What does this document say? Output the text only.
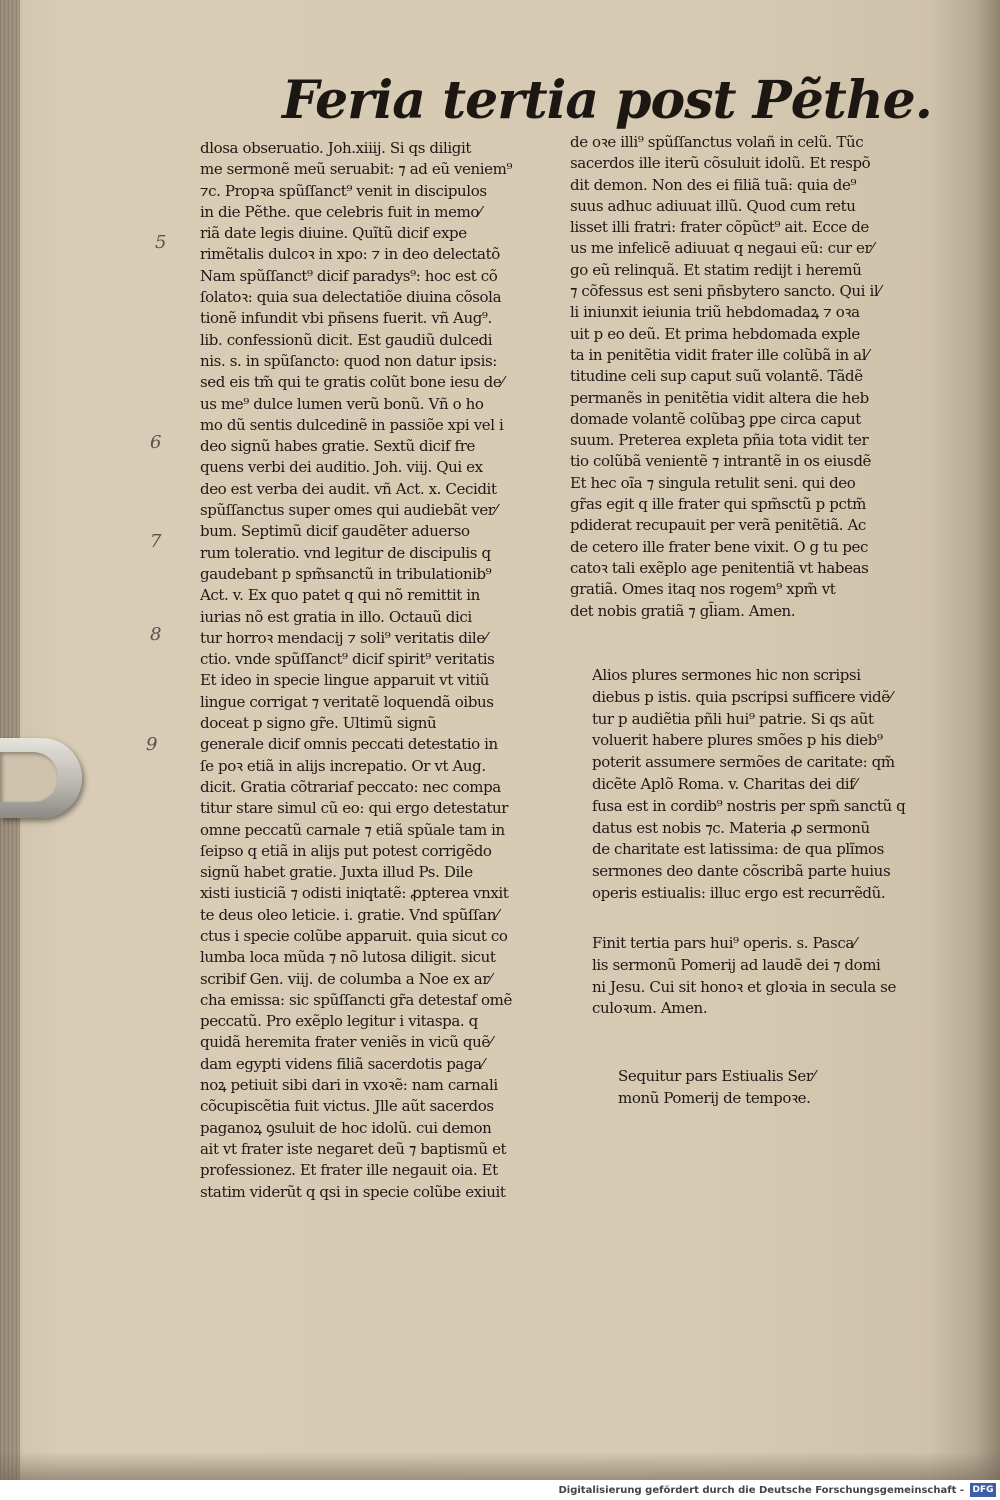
Feria tertia post Pẽthe.
5
6
7
8
9
dlosa obseruatio. Joh.xiiij. Si qs diligit
me sermonẽ meũ seruabit: ⁊ ad eũ veniem⁹
⁊c. Propꝛa spũſſanct⁹ venit in discipulos
in die Pẽthe. que celebris fuit in memo⁄
riã date legis diuine. Quĩtũ dicif expe
rimẽtalis dulcoꝛ in xpo: ⁊ in deo delectatõ
Nam spũſſanct⁹ dicif paradys⁹: hoc est cõ
ſolatoꝛ: quia sua delectatiõe diuina cõsola
tionẽ infundit vbi pñsens fuerit. vñ Aug⁹.
lib. confessionũ dicit. Est gaudiũ dulcedi
nis. s. in spũſancto: quod non datur ipsis:
sed eis tm̃ qui te gratis colũt bone iesu de⁄
us me⁹ dulce lumen verũ bonũ. Vñ o ho
mo dũ sentis dulcedinẽ in passiõe xpi vel i
deo signũ habes gratie. Sextũ dicif fre
quens verbi dei auditio. Joh. viij. Qui ex
deo est verba dei audit. vñ Act. x. Cecidit
spũſſanctus super omes qui audiebãt ver⁄
bum. Septimũ dicif gaudẽter aduerso
rum toleratio. vnd legitur de discipulis q
gaudebant p spm̃sanctũ in tribulationib⁹
Act. v. Ex quo patet q qui nõ remittit in
iurias nõ est gratia in illo. Octauũ dici
tur horroꝛ mendacij ⁊ soli⁹ veritatis dile⁄
ctio. vnde spũſſanct⁹ dicif spirit⁹ veritatis
Et ideo in specie lingue apparuit vt vitiũ
lingue corrigat ⁊ veritatẽ loquendã oibus
doceat p signo gr̃e. Ultimũ signũ
generale dicif omnis peccati detestatio in
ſe poꝛ etiã in alijs increpatio. Or vt Aug.
dicit. Gratia cõtrariaf peccato: nec compa
titur stare simul cũ eo: qui ergo detestatur
omne peccatũ carnale ⁊ etiã spũale tam in
ſeipso q etiã in alijs put potest corrigẽdo
signũ habet gratie. Juxta illud Ps. Dile
xisti iusticiã ⁊ odisti iniqtatẽ: ꝓpterea vnxit
te deus oleo leticie. i. gratie. Vnd spũſſan⁄
ctus i specie colũbe apparuit. quia sicut co
lumba loca mũda ⁊ nõ lutosa diligit. sicut
scribif Gen. viij. de columba a Noe ex ar⁄
cha emissa: sic spũſſancti gr̃a detestaf omẽ
peccatũ. Pro exẽplo legitur i vitaspa. q
quidã heremita frater veniẽs in vicũ quẽ⁄
dam egypti videns filiã sacerdotis paga⁄
noꝝ petiuit sibi dari in vxoꝛẽ: nam carnali
cõcupiscẽtia fuit victus. Jlle aũt sacerdos
paganoꝝ ꝯsuluit de hoc idolũ. cui demon
ait vt frater iste negaret deũ ⁊ baptismũ et
professionez. Et frater ille negauit oia. Et
statim viderũt q qsi in specie colũbe exiuit
de oꝛe illi⁹ spũſſanctus volañ in celũ. Tũc
sacerdos ille iterũ cõsuluit idolũ. Et respõ
dit demon. Non des ei filiã tuã: quia de⁹
suus adhuc adiuuat illũ. Quod cum retu
lisset illi fratri: frater cõpũct⁹ ait. Ecce de
us me infelicẽ adiuuat q negaui eũ: cur er⁄
go eũ relinquã. Et statim redijt i heremũ
⁊ cõfessus est seni pñsbytero sancto. Qui il⁄
li iniunxit ieiunia triũ hebdomadaꝝ ⁊ oꝛa
uit p eo deũ. Et prima hebdomada exple
ta in penitẽtia vidit frater ille colũbã in al⁄
titudine celi sup caput suũ volantẽ. Tãdẽ
permanẽs in penitẽtia vidit altera die heb
domade volantẽ colũbaꝫ ꝑpe circa caput
suum. Preterea expleta pñia tota vidit ter
tio colũbã venientẽ ⁊ intrantẽ in os eiusdẽ
Et hec oĩa ⁊ singula retulit seni. qui deo
gr̃as egit q ille frater qui spm̃sctũ p pctm̃
pdiderat recupauit per verã penitẽtiã. Ac
de cetero ille frater bene vixit. O g tu pec
catoꝛ tali exẽplo age penitentiã vt habeas
gratiã. Omes itaq nos rogem⁹ xpm̃ vt
det nobis gratiã ⁊ gl̃iam. Amen.
Alios plures sermones hic non scripsi
diebus p istis. quia pscripsi sufficere vidẽ⁄
tur p audiẽtia pñli hui⁹ patrie. Si qs aũt
voluerit habere plures smões p his dieb⁹
poterit assumere sermões de caritate: qm̃
dicẽte Aplõ Roma. v. Charitas dei dif⁄
fusa est in cordib⁹ nostris per spm̃ sanctũ q
datus est nobis ⁊c. Materia ꝓ sermonũ
de charitate est latissima: de qua plĩmos
sermones deo dante cõscribã parte huius
operis estiualis: illuc ergo est recurrẽdũ.
Finit tertia pars hui⁹ operis. s. Pasca⁄
lis sermonũ Pomerij ad laudẽ dei ⁊ domi
ni Jesu. Cui sit honoꝛ et gloꝛia in secula se
culoꝛum. Amen.
Sequitur pars Estiualis Ser⁄
monũ Pomerij de tempoꝛe.
Digitalisierung gefördert durch die Deutsche Forschungsgemeinschaft - DFG
